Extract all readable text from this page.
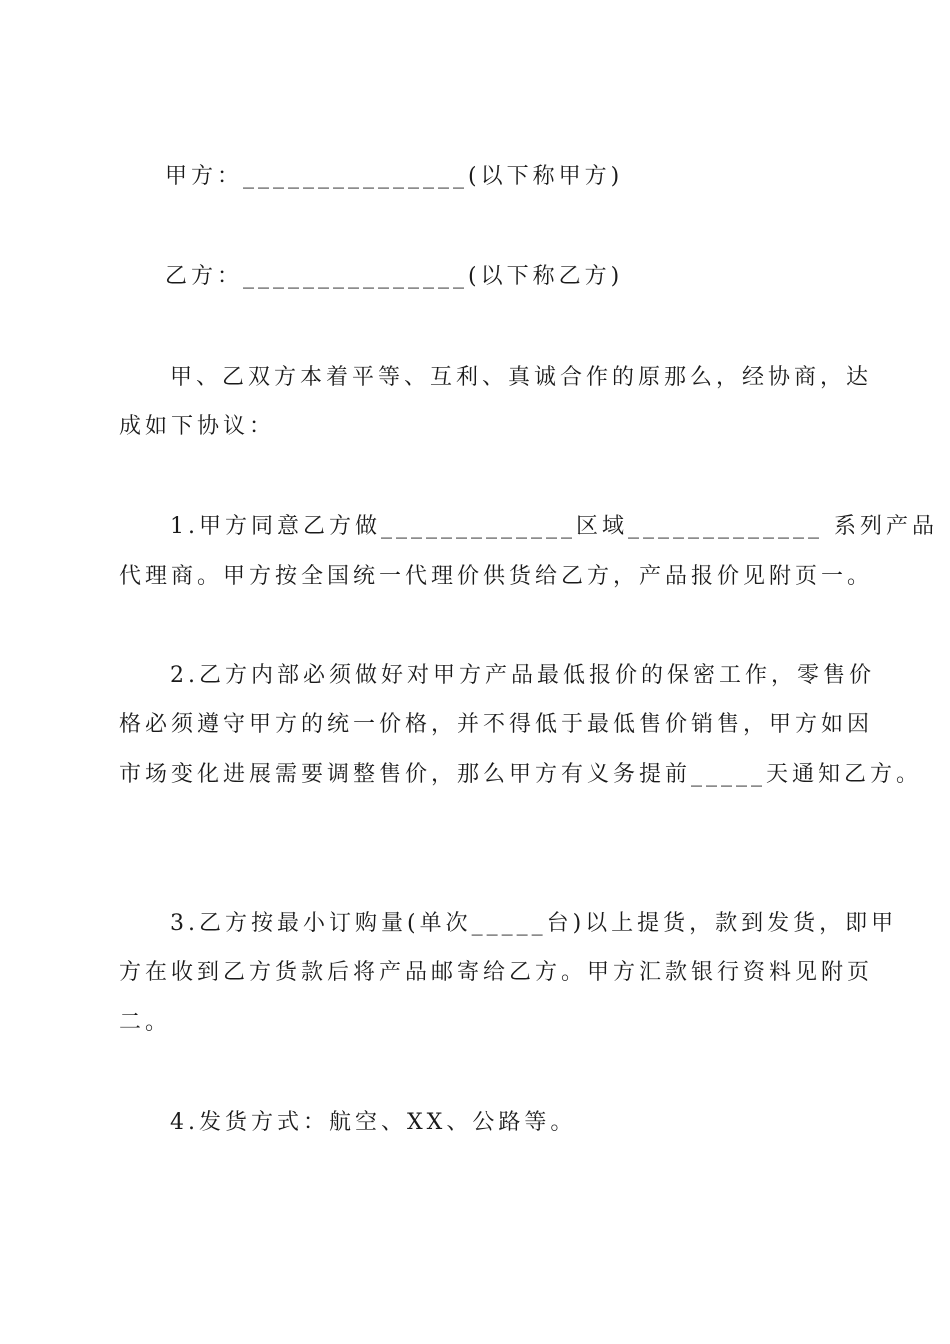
甲方：_______________(以下称甲方)
乙方：_______________(以下称乙方)
甲、乙双方本着平等、互利、真诚合作的原那么，经协商，达
成如下协议：
1.甲方同意乙方做_____________区域_____________ 系列产品
代理商。甲方按全国统一代理价供货给乙方，产品报价见附页一。
2.乙方内部必须做好对甲方产品最低报价的保密工作，零售价
格必须遵守甲方的统一价格，并不得低于最低售价销售，甲方如因
市场变化进展需要调整售价，那么甲方有义务提前_____天通知乙方。
3.乙方按最小订购量(单次_____台)以上提货，款到发货，即甲
方在收到乙方货款后将产品邮寄给乙方。甲方汇款银行资料见附页
二。
4.发货方式：航空、XX、公路等。
